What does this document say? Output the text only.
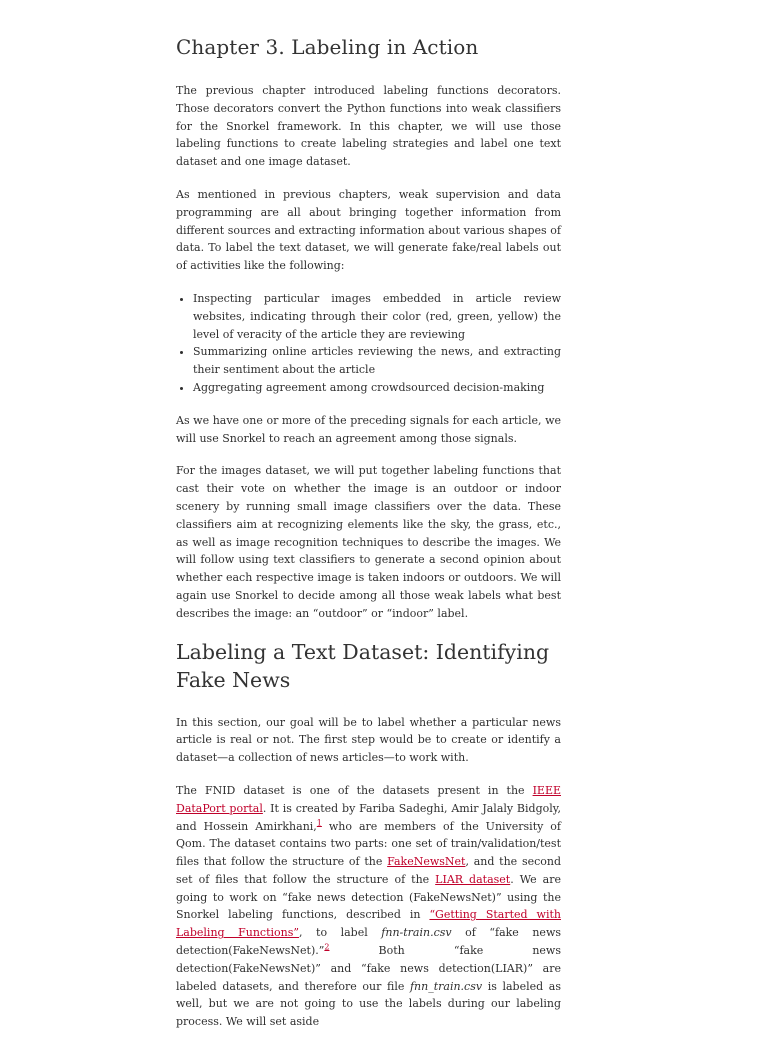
Chapter 3. Labeling in Action

The previous chapter introduced labeling functions decorators. Those decorators convert the Python functions into weak classifiers for the Snorkel framework. In this chapter, we will use those labeling functions to create labeling strategies and label one text dataset and one image dataset.

As mentioned in previous chapters, weak supervision and data programming are all about bringing together information from different sources and extracting information about various shapes of data. To label the text dataset, we will generate fake/real labels out of activities like the following:

• Inspecting particular images embedded in article review websites, indicating through their color (red, green, yellow) the level of veracity of the article they are reviewing
• Summarizing online articles reviewing the news, and extracting their sentiment about the article
• Aggregating agreement among crowdsourced decision-making

As we have one or more of the preceding signals for each article, we will use Snorkel to reach an agreement among those signals.

For the images dataset, we will put together labeling functions that cast their vote on whether the image is an outdoor or indoor scenery by running small image classifiers over the data. These classifiers aim at recognizing elements like the sky, the grass, etc., as well as image recognition techniques to describe the images. We will follow using text classifiers to generate a second opinion about whether each respective image is taken indoors or outdoors. We will again use Snorkel to decide among all those weak labels what best describes the image: an “outdoor” or “indoor” label.

Labeling a Text Dataset: Identifying Fake News

In this section, our goal will be to label whether a particular news article is real or not. The first step would be to create or identify a dataset—a collection of news articles—to work with.

The FNID dataset is one of the datasets present in the IEEE DataPort portal. It is created by Fariba Sadeghi, Amir Jalaly Bidgoly, and Hossein Amirkhani,$^1$ who are members of the University of Qom. The dataset contains two parts: one set of train/validation/test files that follow the structure of the FakeNewsNet, and the second set of files that follow the structure of the LIAR dataset. We are going to work on “fake news detection (FakeNewsNet)” using the Snorkel labeling functions, described in “Getting Started with Labeling Functions”, to label fnn-train.csv of “fake news detection(FakeNewsNet).”$^2$ Both “fake news detection(FakeNewsNet)” and “fake news detection(LIAR)” are labeled datasets, and therefore our file fnn_train.csv is labeled as well, but we are not going to use the labels during our labeling process. We will set aside
